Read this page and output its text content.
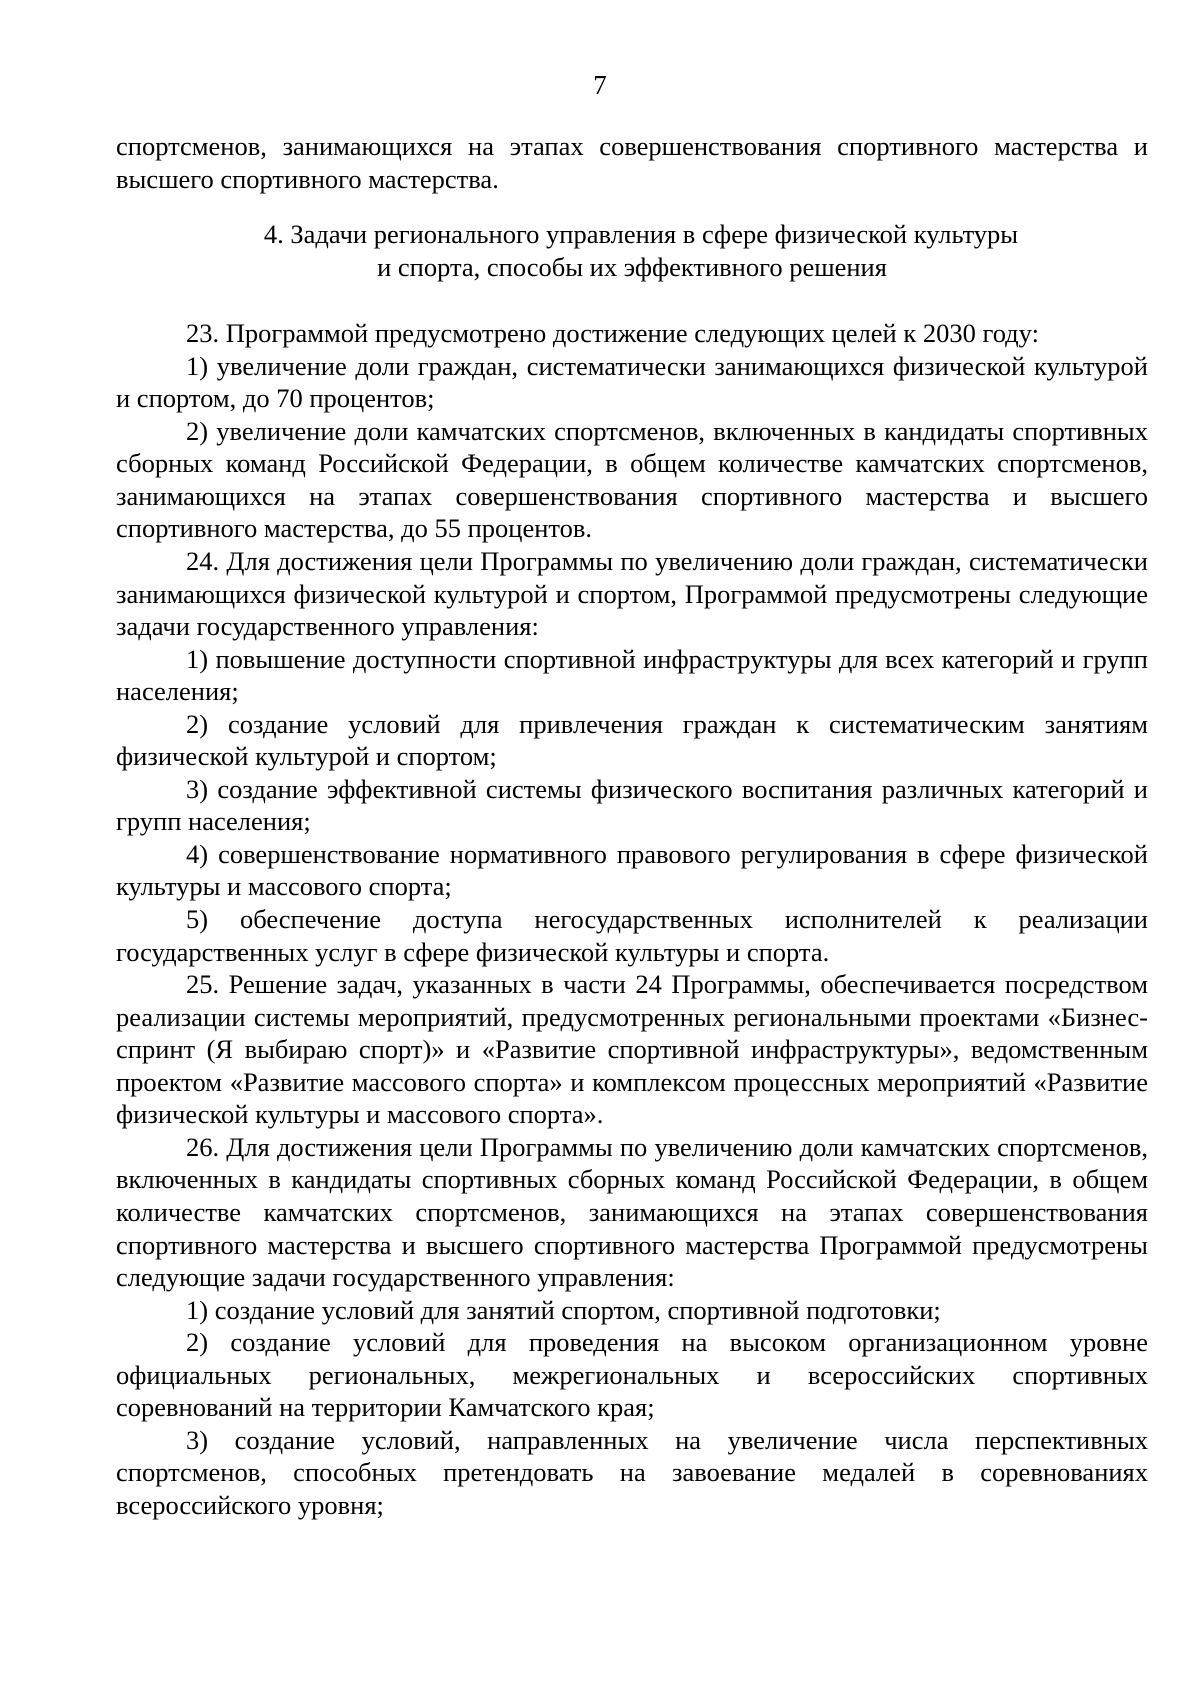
7

спортсменов, занимающихся на этапах совершенствования спортивного мастерства и высшего спортивного мастерства.

4. Задачи регионального управления в сфере физической культуры
и спорта, способы их эффективного решения

23. Программой предусмотрено достижение следующих целей к 2030 году:

1) увеличение доли граждан, систематически занимающихся физической культурой и спортом, до 70 процентов;

2) увеличение доли камчатских спортсменов, включенных в кандидаты спортивных сборных команд Российской Федерации, в общем количестве камчатских спортсменов, занимающихся на этапах совершенствования спортивного мастерства и высшего спортивного мастерства, до 55 процентов.

24. Для достижения цели Программы по увеличению доли граждан, систематически занимающихся физической культурой и спортом, Программой предусмотрены следующие задачи государственного управления:

1) повышение доступности спортивной инфраструктуры для всех категорий и групп населения;

2) создание условий для привлечения граждан к систематическим занятиям физической культурой и спортом;

3) создание эффективной системы физического воспитания различных категорий и групп населения;

4) совершенствование нормативного правового регулирования в сфере физической культуры и массового спорта;

5) обеспечение доступа негосударственных исполнителей к реализации государственных услуг в сфере физической культуры и спорта.

25. Решение задач, указанных в части 24 Программы, обеспечивается посредством реализации системы мероприятий, предусмотренных региональными проектами «Бизнес-спринт (Я выбираю спорт)» и «Развитие спортивной инфраструктуры», ведомственным проектом «Развитие массового спорта» и комплексом процессных мероприятий «Развитие физической культуры и массового спорта».

26. Для достижения цели Программы по увеличению доли камчатских спортсменов, включенных в кандидаты спортивных сборных команд Российской Федерации, в общем количестве камчатских спортсменов, занимающихся на этапах совершенствования спортивного мастерства и высшего спортивного мастерства Программой предусмотрены следующие задачи государственного управления:

1) создание условий для занятий спортом, спортивной подготовки;

2) создание условий для проведения на высоком организационном уровне официальных региональных, межрегиональных и всероссийских спортивных соревнований на территории Камчатского края;

3) создание условий, направленных на увеличение числа перспективных спортсменов, способных претендовать на завоевание медалей в соревнованиях всероссийского уровня;
